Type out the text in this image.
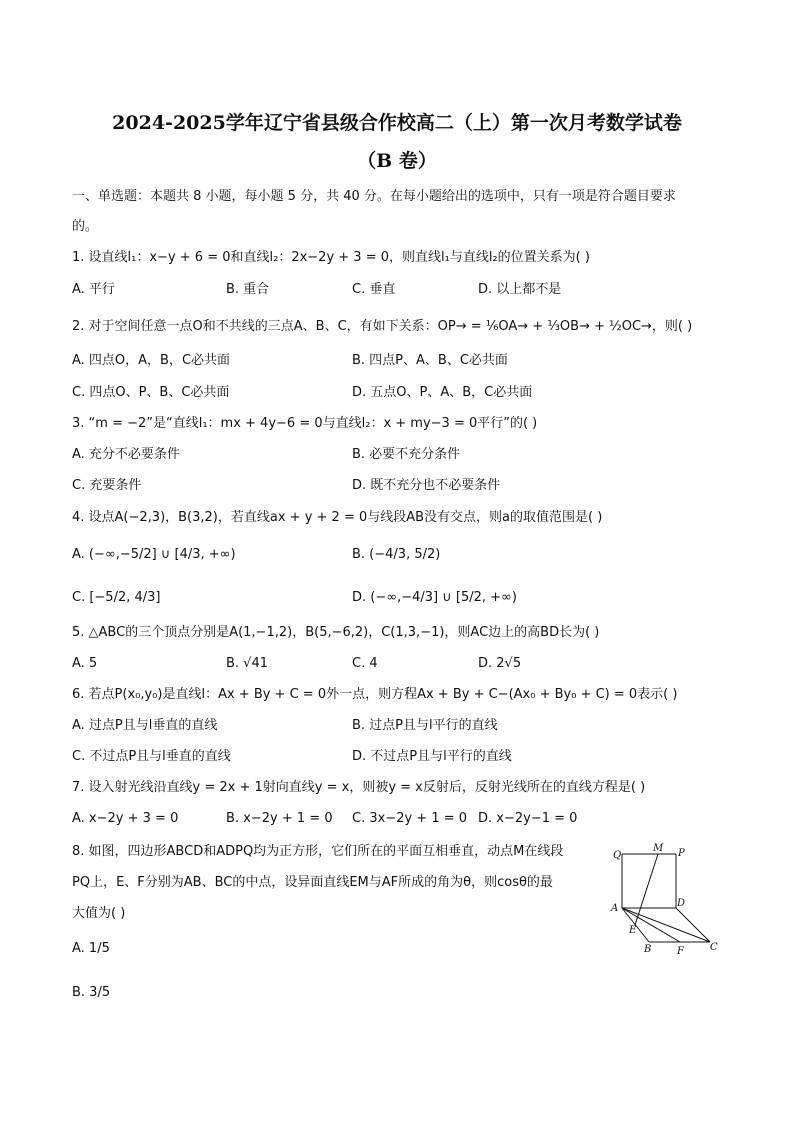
2024-2025学年辽宁省县级合作校高二（上）第一次月考数学试卷
（B 卷）
一、单选题：本题共 8 小题，每小题 5 分，共 40 分。在每小题给出的选项中，只有一项是符合题目要求
的。
1. 设直线l₁：x−y + 6 = 0和直线l₂：2x−2y + 3 = 0，则直线l₁与直线l₂的位置关系为( )
A. 平行	B. 重合	C. 垂直	D. 以上都不是
2. 对于空间任意一点O和不共线的三点A、B、C，有如下关系：OP→ = ⅙OA→ + ⅓OB→ + ½OC→，则( )
A. 四点O，A，B，C必共面	B. 四点P、A、B、C必共面
C. 四点O、P、B、C必共面	D. 五点O、P、A、B，C必共面
3. “m = −2”是“直线l₁：mx + 4y−6 = 0与直线l₂：x + my−3 = 0平行”的( )
A. 充分不必要条件	B. 必要不充分条件
C. 充要条件	D. 既不充分也不必要条件
4. 设点A(−2,3)，B(3,2)，若直线ax + y + 2 = 0与线段AB没有交点，则a的取值范围是( )
A. (−∞,−5/2] ∪ [4/3, +∞)	B. (−4/3, 5/2)
C. [−5/2, 4/3]	D. (−∞,−4/3] ∪ [5/2, +∞)
5. △ABC的三个顶点分别是A(1,−1,2)，B(5,−6,2)，C(1,3,−1)，则AC边上的高BD长为( )
A. 5	B. √41	C. 4	D. 2√5
6. 若点P(x₀,y₀)是直线l：Ax + By + C = 0外一点，则方程Ax + By + C−(Ax₀ + By₀ + C) = 0表示( )
A. 过点P且与l垂直的直线	B. 过点P且与l平行的直线
C. 不过点P且与l垂直的直线	D. 不过点P且与l平行的直线
7. 设入射光线沿直线y = 2x + 1射向直线y = x，则被y = x反射后，反射光线所在的直线方程是( )
A. x−2y + 3 = 0	B. x−2y + 1 = 0 C. 3x−2y + 1 = 0 D. x−2y−1 = 0
8. 如图，四边形ABCD和ADPQ均为正方形，它们所在的平面互相垂直，动点M在线段
PQ上，E、F分别为AB、BC的中点，设异面直线EM与AF所成的角为θ，则cosθ的最
大值为( )
A. 1/5
B. 3/5
Q
M P
A	D
E
B	F	C
